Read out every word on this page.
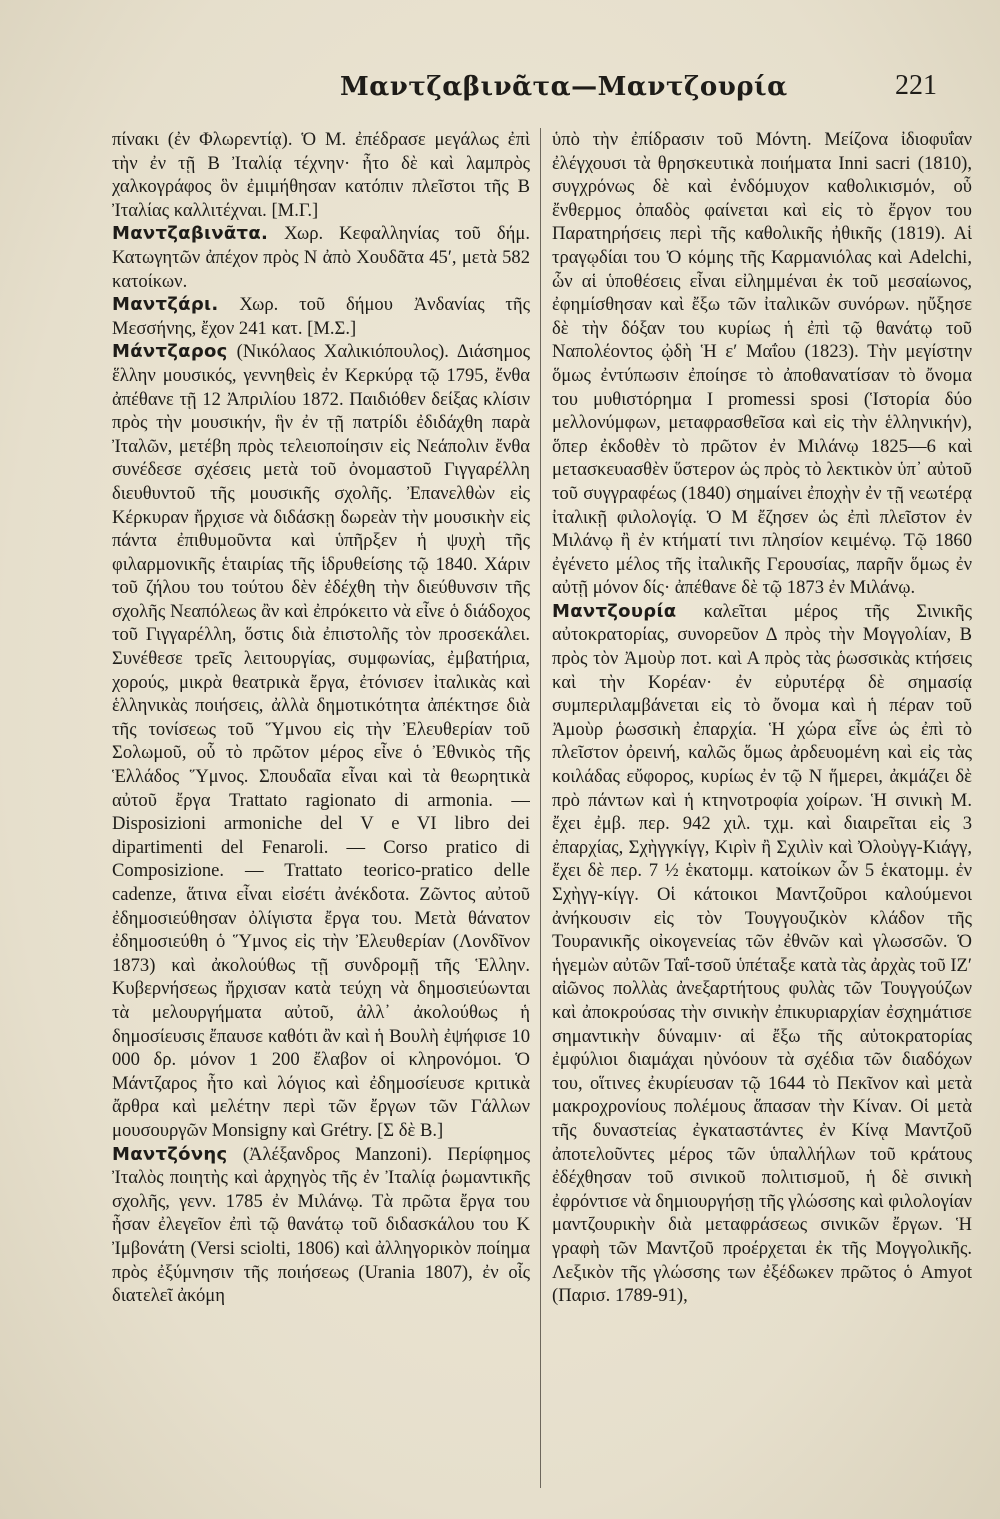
Μαντζαβινᾶτα—Μαντζουρία	221

πίνακι (ἐν Φλωρεντίᾳ). Ὁ Μ. ἐπέδρασε μεγάλως ἐπὶ τὴν ἐν τῇ Β Ἰταλίᾳ τέχνην· ἦτο δὲ καὶ λαμπρὸς χαλκογράφος ὃν ἐμιμήθησαν κατόπιν πλεῖστοι τῆς Β Ἰταλίας καλλιτέχναι. [Μ.Γ.]

Μαντζαβινᾶτα. Χωρ. Κεφαλληνίας τοῦ δήμ. Κατωγητῶν ἀπέχον πρὸς Ν ἀπὸ Χουδᾶτα 45′, μετὰ 582 κατοίκων.

Μαντζάρι. Χωρ. τοῦ δήμου Ἀνδανίας τῆς Μεσσήνης, ἔχον 241 κατ. [Μ.Σ.]

Μάντζαρος (Νικόλαος Χαλικιόπουλος). Διάσημος ἕλλην μουσικός, γεννηθεὶς ἐν Κερκύρᾳ τῷ 1795, ἔνθα ἀπέθανε τῇ 12 Ἀπριλίου 1872. Παιδιόθεν δείξας κλίσιν πρὸς τὴν μουσικήν, ἣν ἐν τῇ πατρίδι ἐδιδάχθη παρὰ Ἰταλῶν, μετέβη πρὸς τελειοποίησιν εἰς Νεάπολιν ἔνθα συνέδεσε σχέσεις μετὰ τοῦ ὀνομαστοῦ Γιγγαρέλλη διευθυντοῦ τῆς μουσικῆς σχολῆς. Ἐπανελθὼν εἰς Κέρκυραν ἤρχισε νὰ διδάσκῃ δωρεὰν τὴν μουσικὴν εἰς πάντα ἐπιθυμοῦντα καὶ ὑπῆρξεν ἡ ψυχὴ τῆς φιλαρμονικῆς ἑταιρίας τῆς ἱδρυθείσης τῷ 1840. Χάριν τοῦ ζήλου του τούτου δὲν ἐδέχθη τὴν διεύθυνσιν τῆς σχολῆς Νεαπόλεως ἂν καὶ ἐπρόκειτο νὰ εἶνε ὁ διάδοχος τοῦ Γιγγαρέλλη, ὅστις διὰ ἐπιστολῆς τὸν προσεκάλει. Συνέθεσε τρεῖς λειτουργίας, συμφωνίας, ἐμβατήρια, χορούς, μικρὰ θεατρικὰ ἔργα, ἐτόνισεν ἰταλικὰς καὶ ἑλληνικὰς ποιήσεις, ἀλλὰ δημοτικότητα ἀπέκτησε διὰ τῆς τονίσεως τοῦ Ὕμνου εἰς τὴν Ἐλευθερίαν τοῦ Σολωμοῦ, οὗ τὸ πρῶτον μέρος εἶνε ὁ Ἐθνικὸς τῆς Ἑλλάδος Ὕμνος. Σπουδαῖα εἶναι καὶ τὰ θεωρητικὰ αὐτοῦ ἔργα Trattato ragionato di armonia. — Disposizioni armoniche del V e VI libro dei dipartimenti del Fenaroli. — Corso pratico di Composizione. — Trattato teorico-pratico delle cadenze, ἅτινα εἶναι εἰσέτι ἀνέκδοτα. Ζῶντος αὐτοῦ ἐδημοσιεύθησαν ὀλίγιστα ἔργα του. Μετὰ θάνατον ἐδημοσιεύθη ὁ Ὕμνος εἰς τὴν Ἐλευθερίαν (Λονδῖνον 1873) καὶ ἀκολούθως τῇ συνδρομῇ τῆς Ἑλλην. Κυβερνήσεως ἤρχισαν κατὰ τεύχη νὰ δημοσιεύωνται τὰ μελουργήματα αὐτοῦ, ἀλλ᾽ ἀκολούθως ἡ δημοσίευσις ἔπαυσε καθότι ἂν καὶ ἡ Βουλὴ ἐψήφισε 10 000 δρ. μόνον 1 200 ἔλαβον οἱ κληρονόμοι. Ὁ Μάντζαρος ἦτο καὶ λόγιος καὶ ἐδημοσίευσε κριτικὰ ἄρθρα καὶ μελέτην περὶ τῶν ἔργων τῶν Γάλλων μουσουργῶν Monsigny καὶ Grétry. [Σ δὲ Β.]

Μαντζόνης (Ἀλέξανδρος Manzoni). Περίφημος Ἰταλὸς ποιητὴς καὶ ἀρχηγὸς τῆς ἐν Ἰταλίᾳ ῥωμαντικῆς σχολῆς, γενν. 1785 ἐν Μιλάνῳ. Τὰ πρῶτα ἔργα του ἦσαν ἐλεγεῖον ἐπὶ τῷ θανάτῳ τοῦ διδασκάλου του Κ Ἰμβονάτη (Versi sciolti, 1806) καὶ ἀλληγορικὸν ποίημα πρὸς ἐξύμνησιν τῆς ποιήσεως (Urania 1807), ἐν οἷς διατελεῖ ἀκόμη

ὑπὸ τὴν ἐπίδρασιν τοῦ Μόντη. Μείζονα ἰδιοφυΐαν ἐλέγχουσι τὰ θρησκευτικὰ ποιήματα Inni sacri (1810), συγχρόνως δὲ καὶ ἐνδόμυχον καθολικισμόν, οὗ ἔνθερμος ὀπαδὸς φαίνεται καὶ εἰς τὸ ἔργον του Παρατηρήσεις περὶ τῆς καθολικῆς ἠθικῆς (1819). Αἱ τραγῳδίαι του Ὁ κόμης τῆς Καρμανιόλας καὶ Adelchi, ὧν αἱ ὑποθέσεις εἶναι εἰλημμέναι ἐκ τοῦ μεσαίωνος, ἐφημίσθησαν καὶ ἔξω τῶν ἰταλικῶν συνόρων. ηὔξησε δὲ τὴν δόξαν του κυρίως ἡ ἐπὶ τῷ θανάτῳ τοῦ Ναπολέοντος ᾠδὴ Ἡ ε′ Μαΐου (1823). Τὴν μεγίστην ὅμως ἐντύπωσιν ἐποίησε τὸ ἀποθανατίσαν τὸ ὄνομα του μυθιστόρημα I promessi sposi (Ἱστορία δύο μελλονύμφων, μεταφρασθεῖσα καὶ εἰς τὴν ἑλληνικήν), ὅπερ ἐκδοθὲν τὸ πρῶτον ἐν Μιλάνῳ 1825—6 καὶ μετασκευασθὲν ὕστερον ὡς πρὸς τὸ λεκτικὸν ὑπ᾽ αὐτοῦ τοῦ συγγραφέως (1840) σημαίνει ἐποχὴν ἐν τῇ νεωτέρᾳ ἰταλικῇ φιλολογίᾳ. Ὁ Μ ἔζησεν ὡς ἐπὶ πλεῖστον ἐν Μιλάνῳ ἢ ἐν κτήματί τινι πλησίον κειμένῳ. Τῷ 1860 ἐγένετο μέλος τῆς ἰταλικῆς Γερουσίας, παρῆν ὅμως ἐν αὐτῇ μόνον δίς· ἀπέθανε δὲ τῷ 1873 ἐν Μιλάνῳ.

Μαντζουρία καλεῖται μέρος τῆς Σινικῆς αὐτοκρατορίας, συνορεῦον Δ πρὸς τὴν Μογγολίαν, Β πρὸς τὸν Ἀμοὺρ ποτ. καὶ Α πρὸς τὰς ῥωσσικὰς κτήσεις καὶ τὴν Κορέαν· ἐν εὐρυτέρᾳ δὲ σημασίᾳ συμπεριλαμβάνεται εἰς τὸ ὄνομα καὶ ἡ πέραν τοῦ Ἀμοὺρ ῥωσσικὴ ἐπαρχία. Ἡ χώρα εἶνε ὡς ἐπὶ τὸ πλεῖστον ὀρεινή, καλῶς ὅμως ἀρδευομένη καὶ εἰς τὰς κοιλάδας εὔφορος, κυρίως ἐν τῷ Ν ἥμερει, ἀκμάζει δὲ πρὸ πάντων καὶ ἡ κτηνοτροφία χοίρων. Ἡ σινικὴ Μ. ἔχει ἐμβ. περ. 942 χιλ. τχμ. καὶ διαιρεῖται εἰς 3 ἐπαρχίας, Σχὴγγκίγγ, Κιρὶν ἢ Σχιλὶν καὶ Ὀλοὺγγ-Κιάγγ, ἔχει δὲ περ. 7 ½ ἑκατομμ. κατοίκων ὧν 5 ἑκατομμ. ἐν Σχὴγγ-κίγγ. Οἱ κάτοικοι Μαντζοῦροι καλούμενοι ἀνήκουσιν εἰς τὸν Τουγγουζικὸν κλάδον τῆς Τουρανικῆς οἰκογενείας τῶν ἐθνῶν καὶ γλωσσῶν. Ὁ ἡγεμὼν αὐτῶν Ταΐ-τσοῦ ὑπέταξε κατὰ τὰς ἀρχὰς τοῦ ΙΖ′ αἰῶνος πολλὰς ἀνεξαρτήτους φυλὰς τῶν Τουγγούζων καὶ ἀποκρούσας τὴν σινικὴν ἐπικυριαρχίαν ἐσχημάτισε σημαντικὴν δύναμιν· αἱ ἔξω τῆς αὐτοκρατορίας ἐμφύλιοι διαμάχαι ηὐνόουν τὰ σχέδια τῶν διαδόχων του, οἵτινες ἐκυρίευσαν τῷ 1644 τὸ Πεκῖνον καὶ μετὰ μακροχρονίους πολέμους ἅπασαν τὴν Κίναν. Οἱ μετὰ τῆς δυναστείας ἐγκαταστάντες ἐν Κίνᾳ Μαντζοῦ ἀποτελοῦντες μέρος τῶν ὑπαλλήλων τοῦ κράτους ἐδέχθησαν τοῦ σινικοῦ πολιτισμοῦ, ἡ δὲ σινικὴ ἐφρόντισε νὰ δημιουργήσῃ τῆς γλώσσης καὶ φιλολογίαν μαντζουρικὴν διὰ μεταφράσεως σινικῶν ἔργων. Ἡ γραφὴ τῶν Μαντζοῦ προέρχεται ἐκ τῆς Μογγολικῆς. Λεξικὸν τῆς γλώσσης των ἐξέδωκεν πρῶτος ὁ Amyot (Παρισ. 1789-91),
